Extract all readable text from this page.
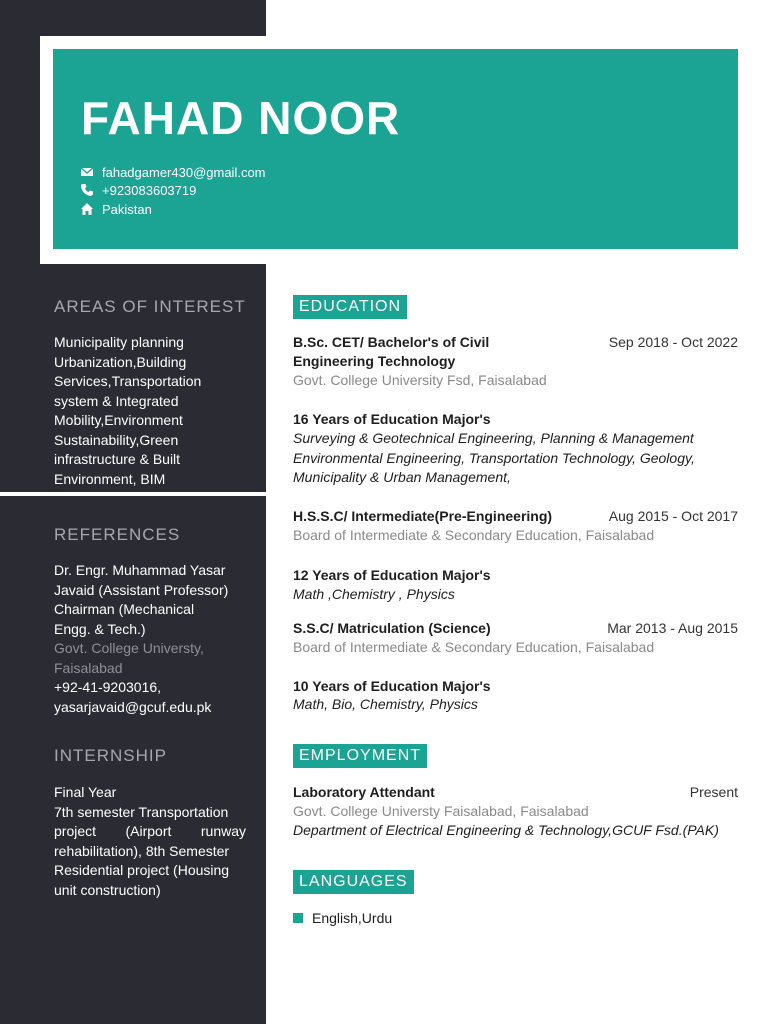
FAHAD NOOR
fahadgamer430@gmail.com
+923083603719
Pakistan
AREAS OF INTEREST
Municipality planning
Urbanization,Building
Services,Transportation
system & Integrated
Mobility,Environment
Sustainability,Green
infrastructure & Built
Environment, BIM
REFERENCES
Dr. Engr. Muhammad Yasar
Javaid (Assistant Professor)
Chairman (Mechanical
Engg. & Tech.)
Govt. College Universty,
Faisalabad
+92-41-9203016,
yasarjavaid@gcuf.edu.pk
INTERNSHIP
Final Year
7th semester Transportation
project (Airport runway
rehabilitation), 8th Semester
Residential project (Housing
unit construction)
EDUCATION
B.Sc. CET/ Bachelor's of Civil	Sep 2018 - Oct 2022
Engineering Technology
Govt. College University Fsd, Faisalabad
16 Years of Education Major's
Surveying & Geotechnical Engineering, Planning & Management
Environmental Engineering, Transportation Technology, Geology,
Municipality & Urban Management,
H.S.S.C/ Intermediate(Pre-Engineering)	Aug 2015 - Oct 2017
Board of Intermediate & Secondary Education, Faisalabad
12 Years of Education Major's
Math ,Chemistry , Physics
S.S.C/ Matriculation (Science)	Mar 2013 - Aug 2015
Board of Intermediate & Secondary Education, Faisalabad
10 Years of Education Major's
Math, Bio, Chemistry, Physics
EMPLOYMENT
Laboratory Attendant	Present
Govt. College Universty Faisalabad, Faisalabad
Department of Electrical Engineering & Technology,GCUF Fsd.(PAK)
LANGUAGES
English,Urdu
